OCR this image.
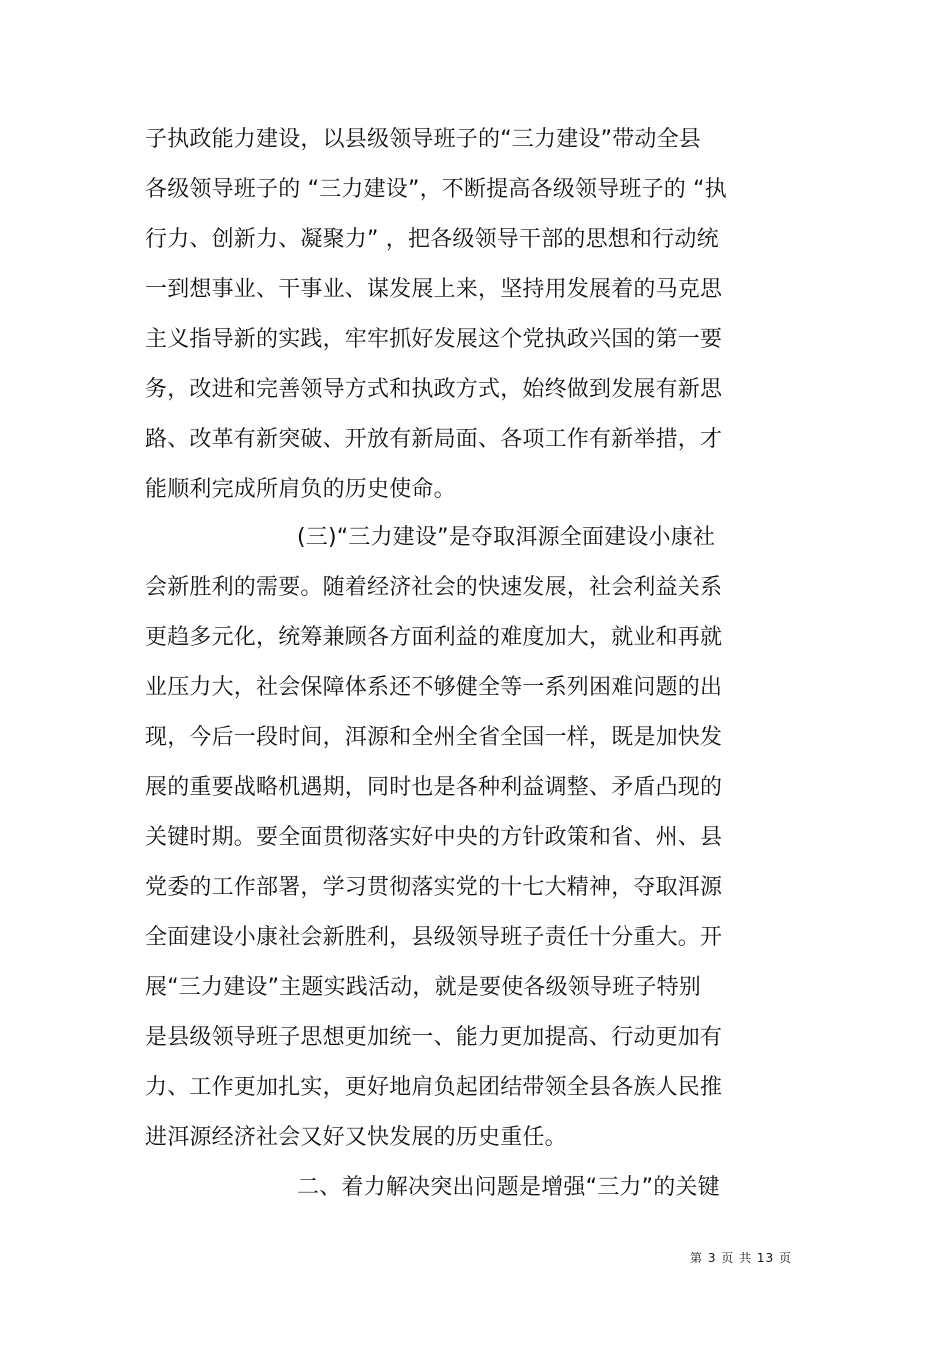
子执政能力建设，以县级领导班子的“三力建设”带动全县
各级领导班子的 “三力建设”，不断提高各级领导班子的 “执
行力、创新力、凝聚力” ，把各级领导干部的思想和行动统
一到想事业、干事业、谋发展上来，坚持用发展着的马克思
主义指导新的实践，牢牢抓好发展这个党执政兴国的第一要
务，改进和完善领导方式和执政方式，始终做到发展有新思
路、改革有新突破、开放有新局面、各项工作有新举措，才
能顺利完成所肩负的历史使命。
(三)“三力建设”是夺取洱源全面建设小康社
会新胜利的需要。随着经济社会的快速发展，社会利益关系
更趋多元化，统筹兼顾各方面利益的难度加大，就业和再就
业压力大，社会保障体系还不够健全等一系列困难问题的出
现，今后一段时间，洱源和全州全省全国一样，既是加快发
展的重要战略机遇期，同时也是各种利益调整、矛盾凸现的
关键时期。要全面贯彻落实好中央的方针政策和省、州、县
党委的工作部署，学习贯彻落实党的十七大精神，夺取洱源
全面建设小康社会新胜利，县级领导班子责任十分重大。开
展“三力建设”主题实践活动，就是要使各级领导班子特别
是县级领导班子思想更加统一、能力更加提高、行动更加有
力、工作更加扎实，更好地肩负起团结带领全县各族人民推
进洱源经济社会又好又快发展的历史重任。
二、着力解决突出问题是增强“三力”的关键
第 3 页 共 13 页
